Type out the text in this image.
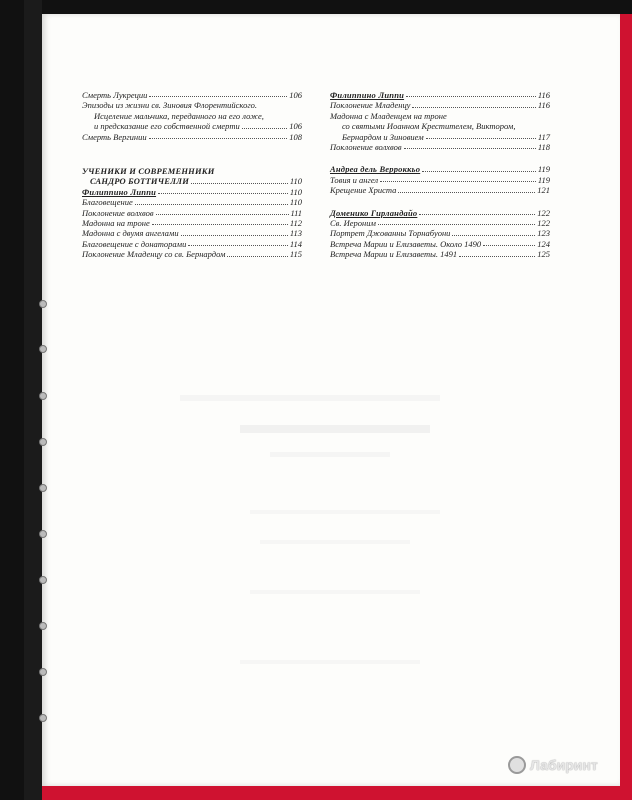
Смерть Лукреции	106
Эпизоды из жизни св. Зиновия Флорентийского.
Исцеление мальчика, переданного на его ложе,
и предсказание его собственной смерти	106
Смерть Вергинии	108
УЧЕНИКИ И СОВРЕМЕННИКИ
САНДРО БОТТИЧЕЛЛИ	110
Филиппино Липпи	110
Благовещение	110
Поклонение волхвов	111
Мадонна на троне	112
Мадонна с двумя ангелами	113
Благовещение с донаторами	114
Поклонение Младенцу со св. Бернардом	115
Филиппино Липпи	116
Поклонение Младенцу	116
Мадонна с Младенцем на троне
со святыми Иоанном Крестителем, Виктором,
Бернардом и Зиновием	117
Поклонение волхвов	118
Андреа дель Верроккьо	119
Товия и ангел	119
Крещение Христа	121
Доменико Гирландайо	122
Св. Иероним	122
Портрет Джованны Торнабуони	123
Встреча Марии и Елизаветы. Около 1490	124
Встреча Марии и Елизаветы. 1491	125
Лабиринт
